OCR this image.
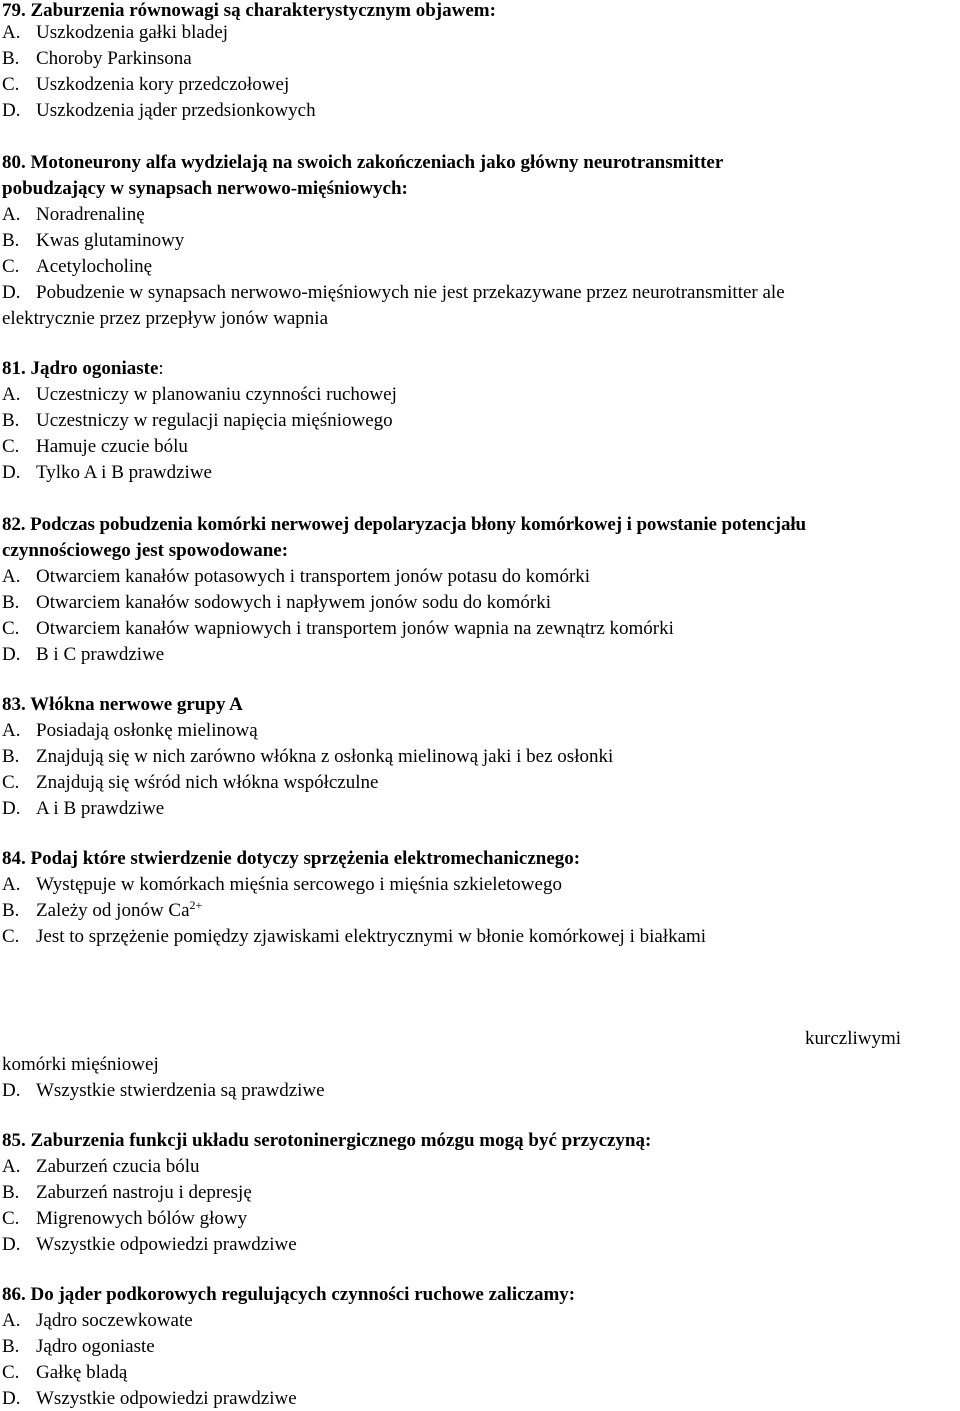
79. Zaburzenia równowagi są charakterystycznym objawem:
A. Uszkodzenia gałki bladej
B. Choroby Parkinsona
C. Uszkodzenia kory przedczołowej
D. Uszkodzenia jąder przedsionkowych
80. Motoneurony alfa wydzielają na swoich zakończeniach jako główny neurotransmitter
pobudzający w synapsach nerwowo-mięśniowych:
A. Noradrenalinę
B. Kwas glutaminowy
C. Acetylocholinę
D. Pobudzenie w synapsach nerwowo-mięśniowych nie jest przekazywane przez neurotransmitter ale
elektrycznie przez przepływ jonów wapnia
81. Jądro ogoniaste:
A. Uczestniczy w planowaniu czynności ruchowej
B. Uczestniczy w regulacji napięcia mięśniowego
C. Hamuje czucie bólu
D. Tylko A i B prawdziwe
82. Podczas pobudzenia komórki nerwowej depolaryzacja błony komórkowej i powstanie potencjału
czynnościowego jest spowodowane:
A. Otwarciem kanałów potasowych i transportem jonów potasu do komórki
B. Otwarciem kanałów sodowych i napływem jonów sodu do komórki
C. Otwarciem kanałów wapniowych i transportem jonów wapnia na zewnątrz komórki
D. B i C prawdziwe
83. Włókna nerwowe grupy A
A. Posiadają osłonkę mielinową
B. Znajdują się w nich zarówno włókna z osłonką mielinową jaki i bez osłonki
C. Znajdują się wśród nich włókna współczulne
D. A i B prawdziwe
84. Podaj które stwierdzenie dotyczy sprzężenia elektromechanicznego:
A. Występuje w komórkach mięśnia sercowego i mięśnia szkieletowego
B. Zależy od jonów $Ca^{2+}$
C. Jest to sprzężenie pomiędzy zjawiskami elektrycznymi w błonie komórkowej i białkami
kurczliwymi
komórki mięśniowej
D. Wszystkie stwierdzenia są prawdziwe
85. Zaburzenia funkcji układu serotoninergicznego mózgu mogą być przyczyną:
A. Zaburzeń czucia bólu
B. Zaburzeń nastroju i depresję
C. Migrenowych bólów głowy
D. Wszystkie odpowiedzi prawdziwe
86. Do jąder podkorowych regulujących czynności ruchowe zaliczamy:
A. Jądro soczewkowate
B. Jądro ogoniaste
C. Gałkę bladą
D. Wszystkie odpowiedzi prawdziwe
